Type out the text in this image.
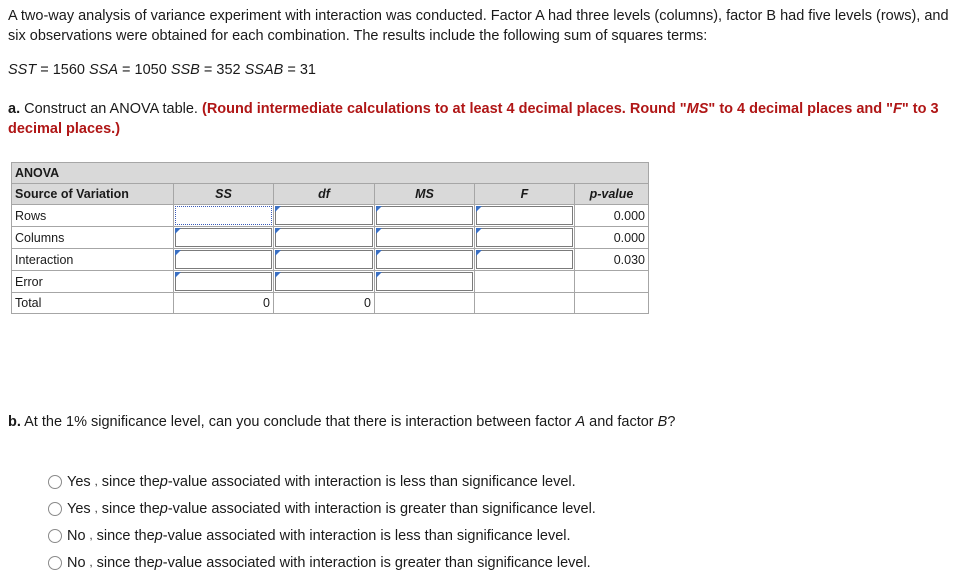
A two-way analysis of variance experiment with interaction was conducted. Factor A had three levels (columns), factor B had five levels (rows), and six observations were obtained for each combination. The results include the following sum of squares terms:
SST = 1560 SSA = 1050 SSB = 352 SSAB = 31
a. Construct an ANOVA table. (Round intermediate calculations to at least 4 decimal places. Round "MS" to 4 decimal places and "F" to 3 decimal places.)
ANOVA					
Source of Variation	SS	df	MS	F	p-value
Rows					0.000
Columns					0.000
Interaction					0.030
Error	

Total	0	0			
b. At the 1% significance level, can you conclude that there is interaction between factor A and factor B?
Yes , since the p -value associated with interaction is less than significance level.
Yes , since the p -value associated with interaction is greater than significance level.
No , since the p -value associated with interaction is less than significance level.
No , since the p -value associated with interaction is greater than significance level.
